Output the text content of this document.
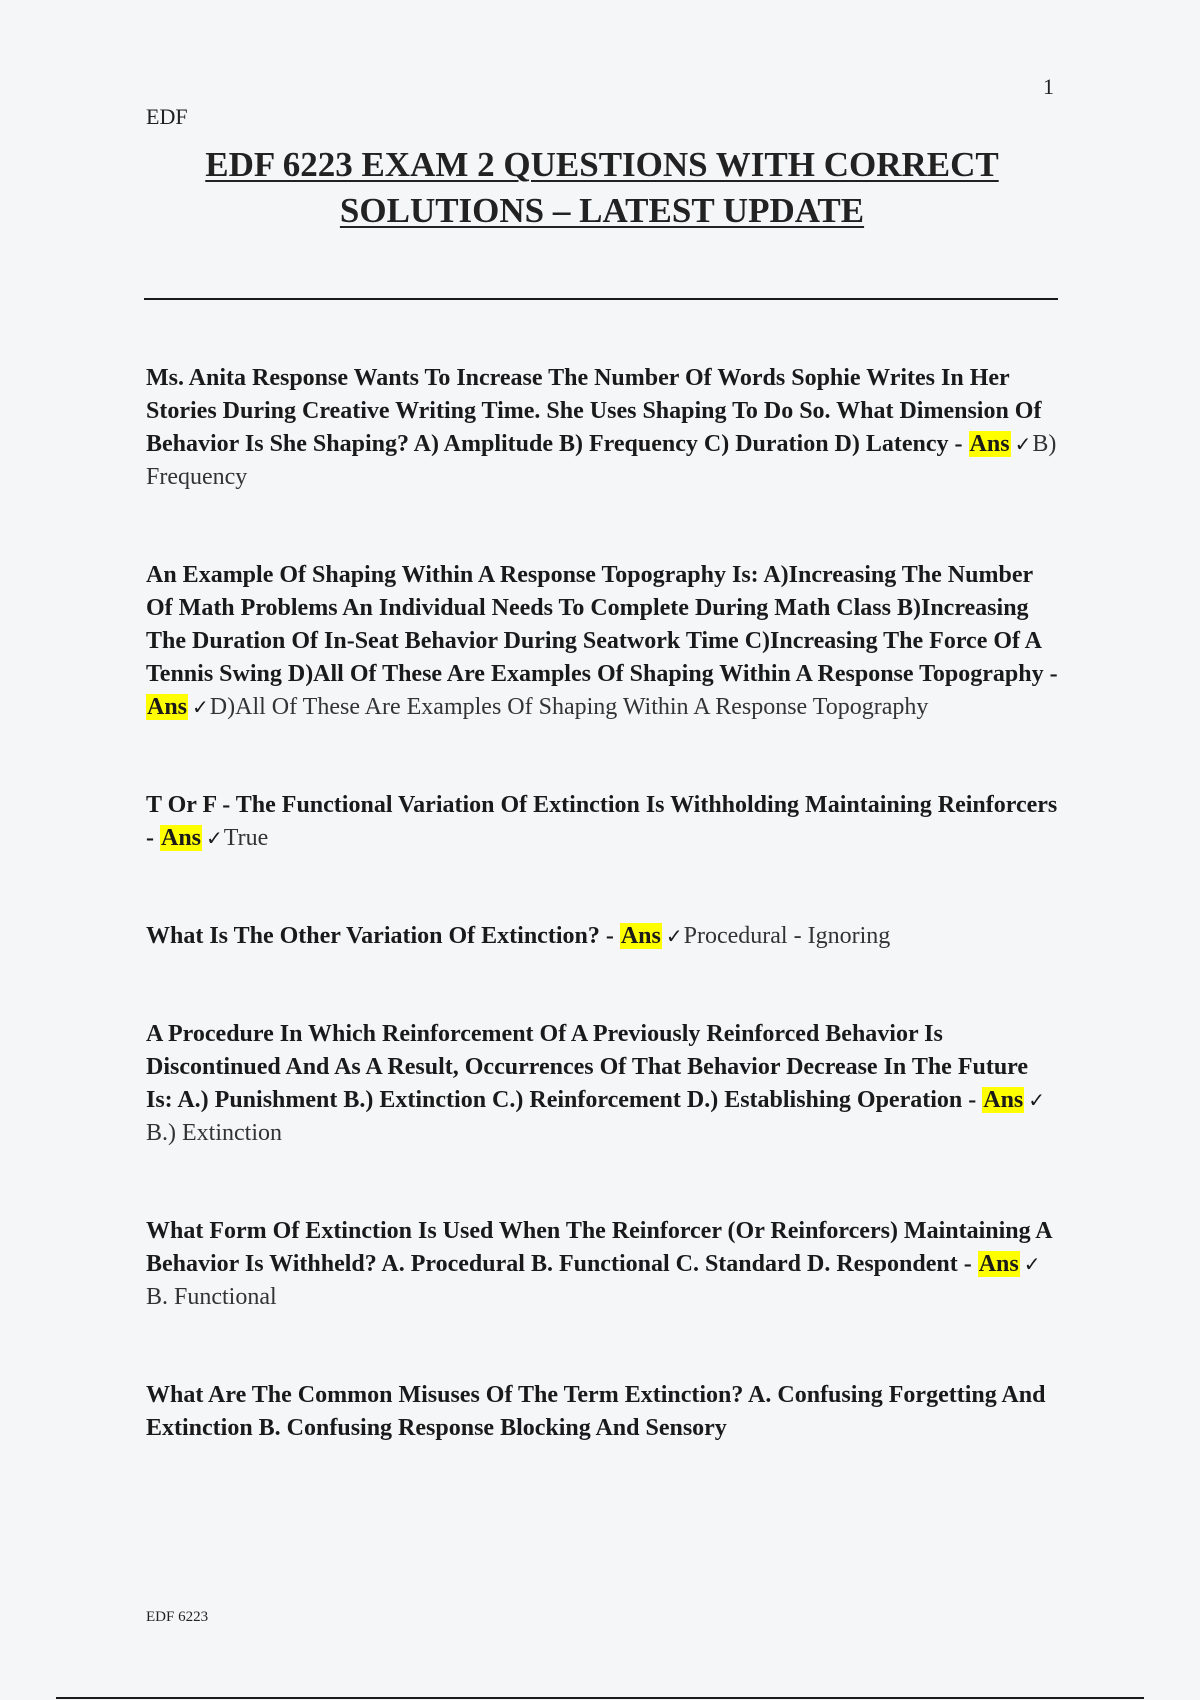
1
EDF
EDF 6223 EXAM 2 QUESTIONS WITH CORRECT SOLUTIONS – LATEST UPDATE
Ms. Anita Response Wants To Increase The Number Of Words Sophie Writes In Her Stories During Creative Writing Time. She Uses Shaping To Do So. What Dimension Of Behavior Is She Shaping? A) Amplitude B) Frequency C) Duration D) Latency - Ans ✓B) Frequency
An Example Of Shaping Within A Response Topography Is: A)Increasing The Number Of Math Problems An Individual Needs To Complete During Math Class B)Increasing The Duration Of In-Seat Behavior During Seatwork Time C)Increasing The Force Of A Tennis Swing D)All Of These Are Examples Of Shaping Within A Response Topography - Ans ✓D)All Of These Are Examples Of Shaping Within A Response Topography
T Or F - The Functional Variation Of Extinction Is Withholding Maintaining Reinforcers - Ans ✓True
What Is The Other Variation Of Extinction? - Ans ✓Procedural - Ignoring
A Procedure In Which Reinforcement Of A Previously Reinforced Behavior Is Discontinued And As A Result, Occurrences Of That Behavior Decrease In The Future Is: A.) Punishment B.) Extinction C.) Reinforcement D.) Establishing Operation - Ans ✓B.) Extinction
What Form Of Extinction Is Used When The Reinforcer (Or Reinforcers) Maintaining A Behavior Is Withheld? A. Procedural B. Functional C. Standard D. Respondent - Ans ✓B. Functional
What Are The Common Misuses Of The Term Extinction? A. Confusing Forgetting And Extinction B. Confusing Response Blocking And Sensory
EDF 6223
